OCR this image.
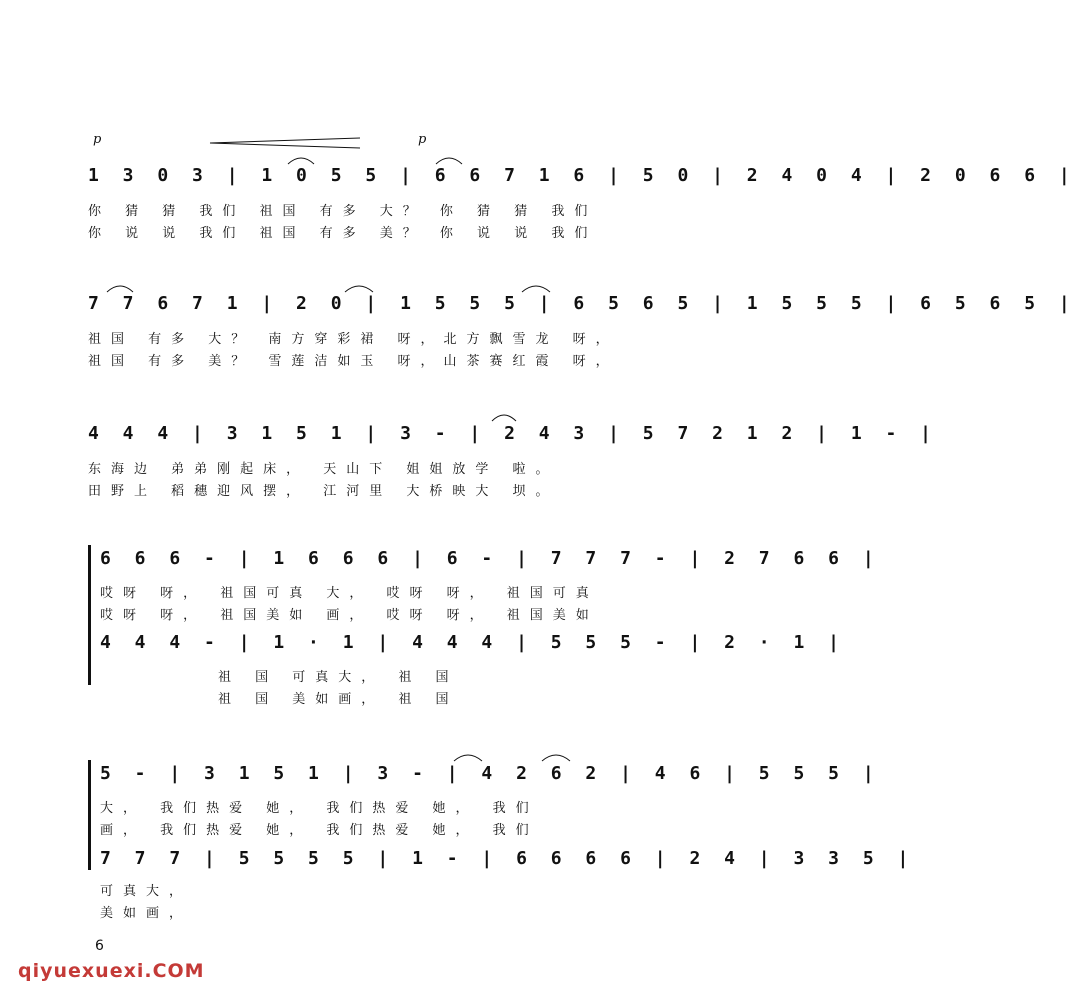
p	p
1 3 0 3 | 1 0 5 5 | 6 6 7 1 6 | 5 0 | 2 4 0 4 | 2 0 6 6 |
你 猜 猜 我们 祖国 有多 大？ 你 猜 猜 我们
你 说 说 我们 祖国 有多 美？ 你 说 说 我们
7 7 6 7 1 | 2 0 | 1 5 5 5 | 6 5 6 5 | 1 5 5 5 | 6 5 6 5 |
祖国 有多 大？ 南方穿彩裙 呀，北方飘雪龙 呀，
祖国 有多 美？ 雪莲洁如玉 呀，山茶赛红霞 呀，
4 4 4 | 3 1 5 1 | 3 - | 2 4 3 | 5 7 2 1 2 | 1 - |
东海边 弟弟刚起床， 天山下 姐姐放学 啦。
田野上 稻穗迎风摆， 江河里 大桥映大 坝。
6 6 6 - | 1 6 6 6 | 6 - | 7 7 7 - | 2 7 6 6 |
哎呀 呀， 祖国可真 大， 哎呀 呀， 祖国可真
哎呀 呀， 祖国美如 画， 哎呀 呀， 祖国美如
4 4 4 - | 1 · 1 | 4 4 4 | 5 5 5 - | 2 · 1 |
祖 国 可真大， 祖 国
祖 国 美如画， 祖 国
5 - | 3 1 5 1 | 3 - | 4 2 6 2 | 4 6 | 5 5 5 |
大， 我们热爱 她， 我们热爱 她， 我们
画， 我们热爱 她， 我们热爱 她， 我们
7 7 7 | 5 5 5 5 | 1 - | 6 6 6 6 | 2 4 | 3 3 5 |
可真大，
美如画，
6
qiyuexuexi.COM
